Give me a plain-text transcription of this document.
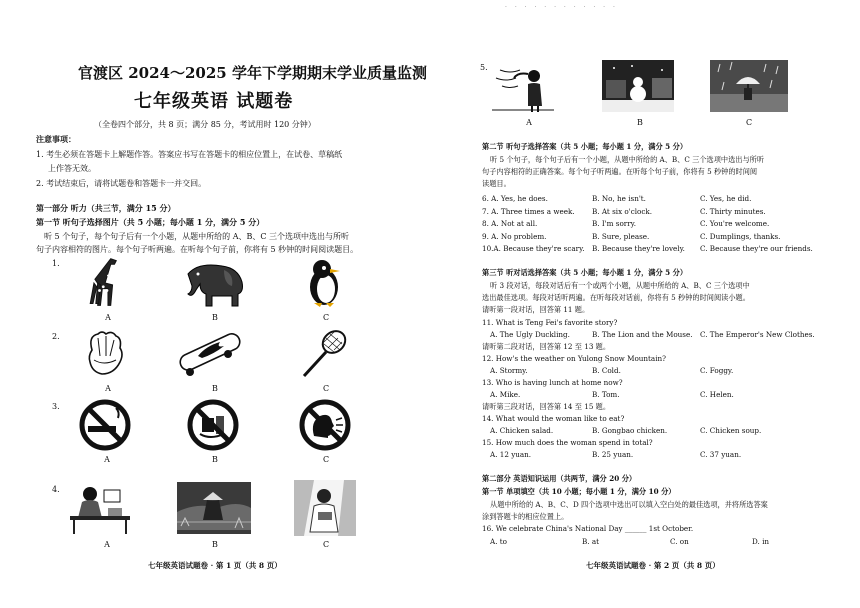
· · · · · · · · · · · ·
官渡区 2024～2025 学年下学期期末学业质量监测
七年级英语 试题卷
（全卷四个部分，共 8 页；满分 85 分，考试用时 120 分钟）
注意事项：
1. 考生必须在答题卡上解题作答。答案应书写在答题卡的相应位置上，在试卷、草稿纸
上作答无效。
2. 考试结束后，请将试题卷和答题卡一并交回。
第一部分 听力（共三节，满分 15 分）
第一节 听句子选择图片（共 5 小题；每小题 1 分，满分 5 分）
听 5 个句子，每个句子后有一个小题，从题中所给的 A、B、C 三个选项中选出与所听
句子内容相符的图片。每个句子听两遍。在听每个句子前，你将有 5 秒钟的时间阅读题目。
1.
A	B	C
2.
A	B	C
3.
A	B	C
4.
A	B	C
七年级英语试题卷 · 第 1 页（共 8 页）
5.
A	B	C
第二节 听句子选择答案（共 5 小题；每小题 1 分，满分 5 分）
听 5 个句子，每个句子后有一个小题，从题中所给的 A、B、C 三个选项中选出与所听
句子内容相符的正确答案。每个句子听两遍。在听每个句子前，你将有 5 秒钟的时间阅
读题目。
6. A. Yes, he does.	B. No, he isn't.	C. Yes, he did.
7. A. Three times a week. B. At six o'clock.	C. Thirty minutes.
8. A. Not at all.	B. I'm sorry.	C. You're welcome.
9. A. No problem.	B. Sure, please.	C. Dumplings, thanks.
10.A. Because they're scary. B. Because they're lovely. C. Because they're our friends.
第三节 听对话选择答案（共 5 小题；每小题 1 分，满分 5 分）
听 3 段对话，每段对话后有一个或两个小题，从题中所给的 A、B、C 三个选项中
选出最佳选项。每段对话听两遍。在听每段对话前，你将有 5 秒钟的时间阅读小题。
请听第一段对话，回答第 11 题。
11. What is Teng Fei's favorite story?
A. The Ugly Duckling.	B. The Lion and the Mouse. C. The Emperor's New Clothes.
请听第二段对话，回答第 12 至 13 题。
12. How's the weather on Yulong Snow Mountain?
A. Stormy.	B. Cold.	C. Foggy.
13. Who is having lunch at home now?
A. Mike.	B. Tom.	C. Helen.
请听第三段对话，回答第 14 至 15 题。
14. What would the woman like to eat?
A. Chicken salad.	B. Gongbao chicken.	C. Chicken soup.
15. How much does the woman spend in total?
A. 12 yuan.	B. 25 yuan.	C. 37 yuan.
第二部分 英语知识运用（共两节，满分 20 分）
第一节 单项填空（共 10 小题；每小题 1 分，满分 10 分）
从题中所给的 A、B、C、D 四个选项中选出可以填入空白处的最佳选项，并将所选答案
涂到答题卡的相应位置上。
16. We celebrate China's National Day ______ 1st October.
A. to	B. at	C. on	D. in
七年级英语试题卷 · 第 2 页（共 8 页）
